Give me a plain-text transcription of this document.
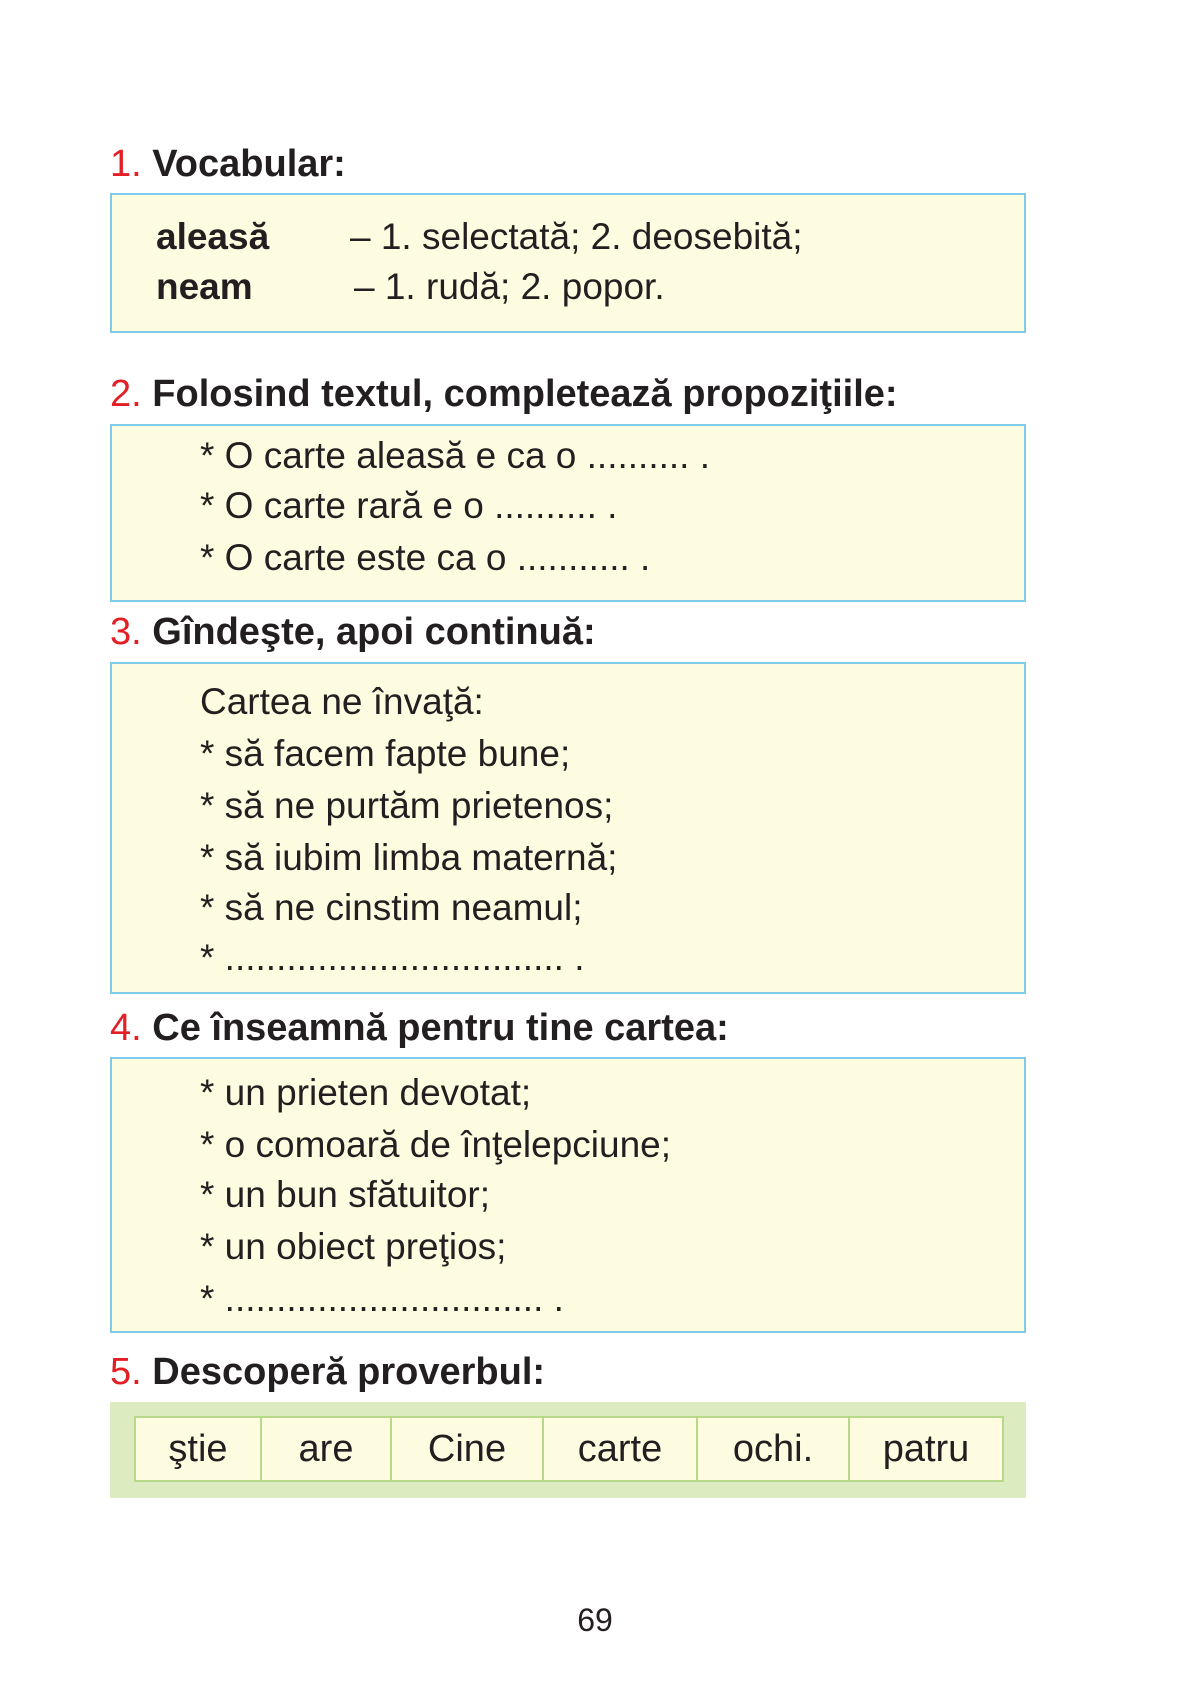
1. Vocabular:
aleasă – 1. selectată; 2. deosebită;
neam	– 1. rudă; 2. popor.
2. Folosind textul, completează propoziţiile:
* O carte aleasă e ca o .......... .
* O carte rară e o .......... .
* O carte este ca o ........... .
3. Gîndeşte, apoi continuă:
Cartea ne învaţă:
* să facem fapte bune;
* să ne purtăm prietenos;
* să iubim limba maternă;
* să ne cinstim neamul;
* ................................. .
4. Ce înseamnă pentru tine cartea:
* un prieten devotat;
* o comoară de înţelepciune;
* un bun sfătuitor;
* un obiect preţios;
* ............................... .
5. Descoperă proverbul:
ştie	are	Cine	carte	ochi.	patru
69
